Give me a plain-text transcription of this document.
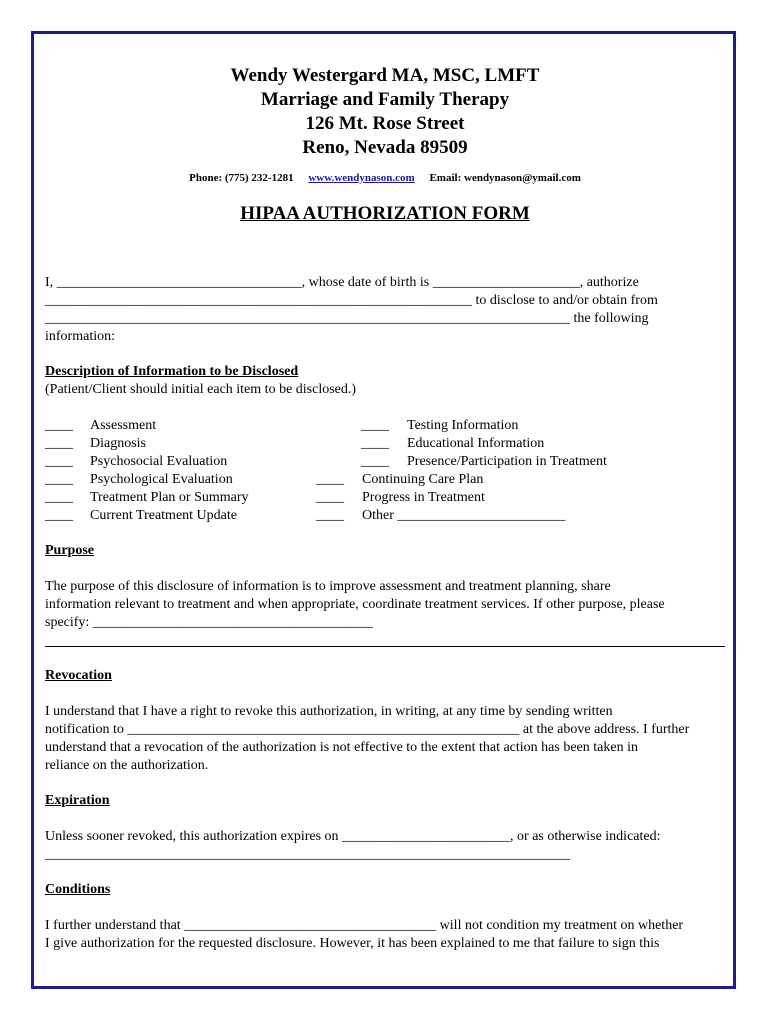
Wendy Westergard MA, MSC, LMFT
Marriage and Family Therapy
126 Mt. Rose Street
Reno, Nevada 89509
Phone: (775) 232-1281 www.wendynason.com Email: wendynason@ymail.com
HIPAA AUTHORIZATION FORM
I, ___________________________________, whose date of birth is _____________________, authorize
_____________________________________________________________ to disclose to and/or obtain from
___________________________________________________________________________ the following
information:
Description of Information to be Disclosed
(Patient/Client should initial each item to be disclosed.)
____ Assessment
____ Diagnosis
____ Psychosocial Evaluation
____ Psychological Evaluation
____ Treatment Plan or Summary
____ Current Treatment Update
____ Testing Information
____ Educational Information
____ Presence/Participation in Treatment
____ Continuing Care Plan
____ Progress in Treatment
____ Other ________________________
Purpose
The purpose of this disclosure of information is to improve assessment and treatment planning, share
information relevant to treatment and when appropriate, coordinate treatment services. If other purpose, please
specify: ________________________________________
Revocation
I understand that I have a right to revoke this authorization, in writing, at any time by sending written
notification to ________________________________________________________ at the above address. I further
understand that a revocation of the authorization is not effective to the extent that action has been taken in
reliance on the authorization.
Expiration
Unless sooner revoked, this authorization expires on ________________________, or as otherwise indicated:
___________________________________________________________________________
Conditions
I further understand that ____________________________________ will not condition my treatment on whether
I give authorization for the requested disclosure. However, it has been explained to me that failure to sign this
